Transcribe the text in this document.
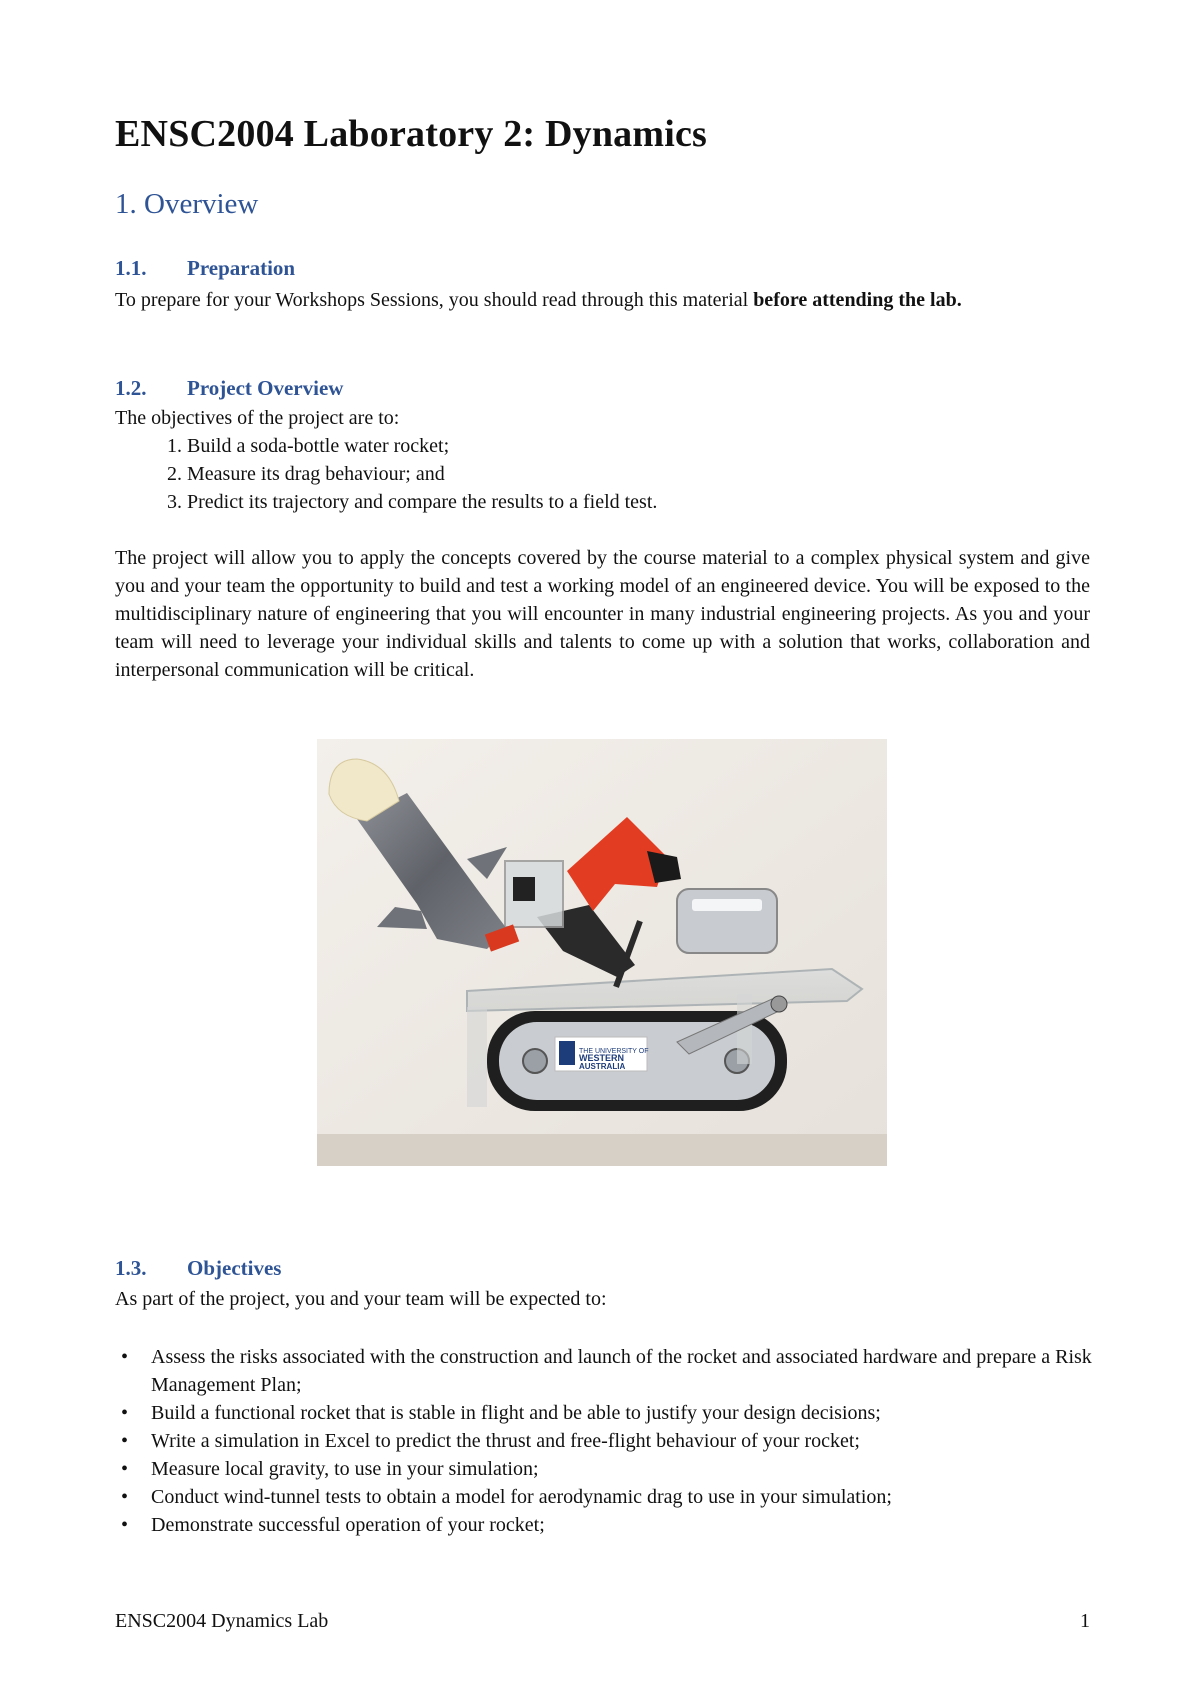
ENSC2004 Laboratory 2: Dynamics
1. Overview
1.1. Preparation

To prepare for your Workshops Sessions, you should read through this material before attending the lab.

1.2. Project Overview

The objectives of the project are to:

1. Build a soda-bottle water rocket;
2. Measure its drag behaviour; and
3. Predict its trajectory and compare the results to a field test.

The project will allow you to apply the concepts covered by the course material to a complex physical system and give you and your team the opportunity to build and test a working model of an engineered device. You will be exposed to the multidisciplinary nature of engineering that you will encounter in many industrial engineering projects. As you and your team will need to leverage your individual skills and talents to come up with a solution that works, collaboration and interpersonal communication will be critical.

1.3. Objectives

As part of the project, you and your team will be expected to:

• Assess the risks associated with the construction and launch of the rocket and associated hardware and prepare a Risk Management Plan;
• Build a functional rocket that is stable in flight and be able to justify your design decisions;
• Write a simulation in Excel to predict the thrust and free-flight behaviour of your rocket;
• Measure local gravity, to use in your simulation;
• Conduct wind-tunnel tests to obtain a model for aerodynamic drag to use in your simulation;
• Demonstrate successful operation of your rocket;
THE UNIVERSITY OF
WESTERN
AUSTRALIA
ENSC2004 Dynamics Lab	1
